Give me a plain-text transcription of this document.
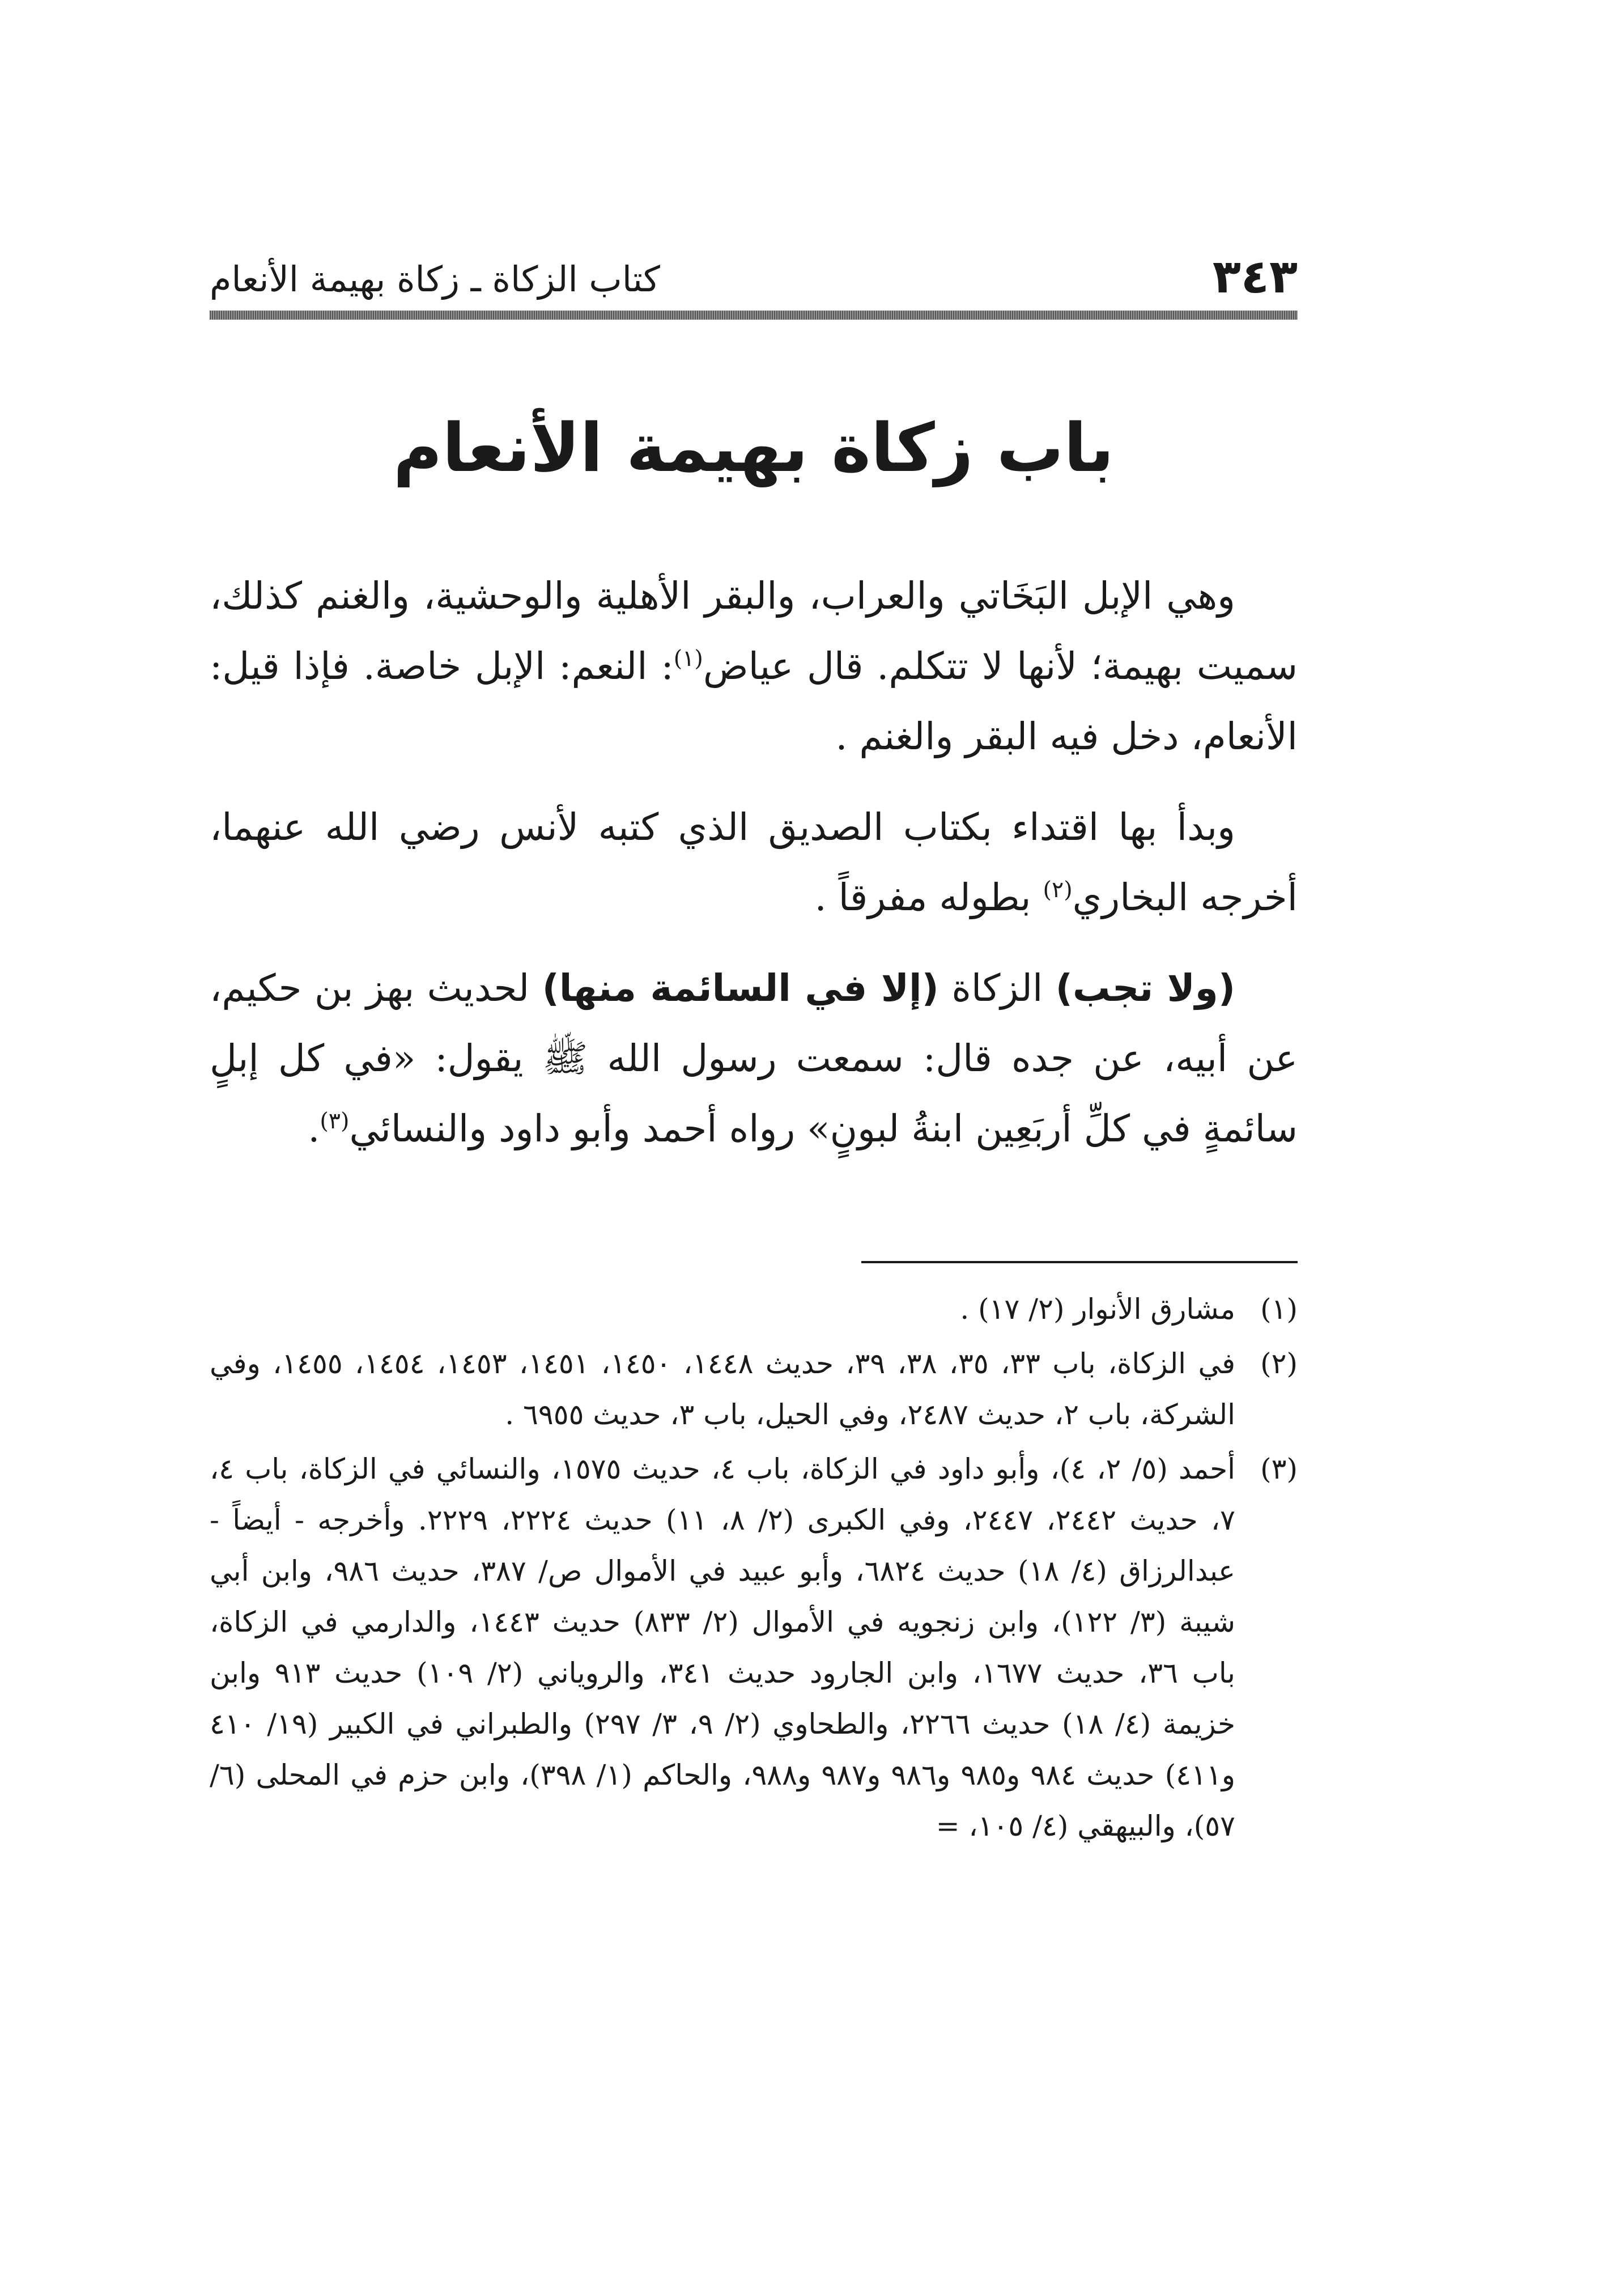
٣٤٣
كتاب الزكاة ـ زكاة بهيمة الأنعام
باب زكاة بهيمة الأنعام

وهي الإبل البَخَاتي والعراب، والبقر الأهلية والوحشية، والغنم كذلك، سميت بهيمة؛ لأنها لا تتكلم. قال عياض$^{(١)}$: النعم: الإبل خاصة. فإذا قيل: الأنعام، دخل فيه البقر والغنم .

وبدأ بها اقتداء بكتاب الصديق الذي كتبه لأنس رضي الله عنهما، أخرجه البخاري$^{(٢)}$ بطوله مفرقاً .

(ولا تجب) الزكاة (إلا في السائمة منها) لحديث بهز بن حكيم، عن أبيه، عن جده قال: سمعت رسول الله ﷺ يقول: «في كل إبلٍ سائمةٍ في كلِّ أربَعِين ابنةُ لبونٍ» رواه أحمد وأبو داود والنسائي$^{(٣)}$.

(١)
مشارق الأنوار (٢/ ١٧) .
(٢)
في الزكاة، باب ٣٣، ٣٥، ٣٨، ٣٩، حديث ١٤٤٨، ١٤٥٠، ١٤٥١، ١٤٥٣، ١٤٥٤، ١٤٥٥، وفي الشركة، باب ٢، حديث ٢٤٨٧، وفي الحيل، باب ٣، حديث ٦٩٥٥ .
(٣)
أحمد (٥/ ٢، ٤)، وأبو داود في الزكاة، باب ٤، حديث ١٥٧٥، والنسائي في الزكاة، باب ٤، ٧، حديث ٢٤٤٢، ٢٤٤٧، وفي الكبرى (٢/ ٨، ١١) حديث ٢٢٢٤، ٢٢٢٩. وأخرجه - أيضاً - عبدالرزاق (٤/ ١٨) حديث ٦٨٢٤، وأبو عبيد في الأموال ص/ ٣٨٧، حديث ٩٨٦، وابن أبي شيبة (٣/ ١٢٢)، وابن زنجويه في الأموال (٢/ ٨٣٣) حديث ١٤٤٣، والدارمي في الزكاة، باب ٣٦، حديث ١٦٧٧، وابن الجارود حديث ٣٤١، والروياني (٢/ ١٠٩) حديث ٩١٣ وابن خزيمة (٤/ ١٨) حديث ٢٢٦٦، والطحاوي (٢/ ٩، ٣/ ٢٩٧) والطبراني في الكبير (١٩/ ٤١٠ و٤١١) حديث ٩٨٤ و٩٨٥ و٩٨٦ و٩٨٧ و٩٨٨، والحاكم (١/ ٣٩٨)، وابن حزم في المحلى (٦/ ٥٧)، والبيهقي (٤/ ١٠٥، =
